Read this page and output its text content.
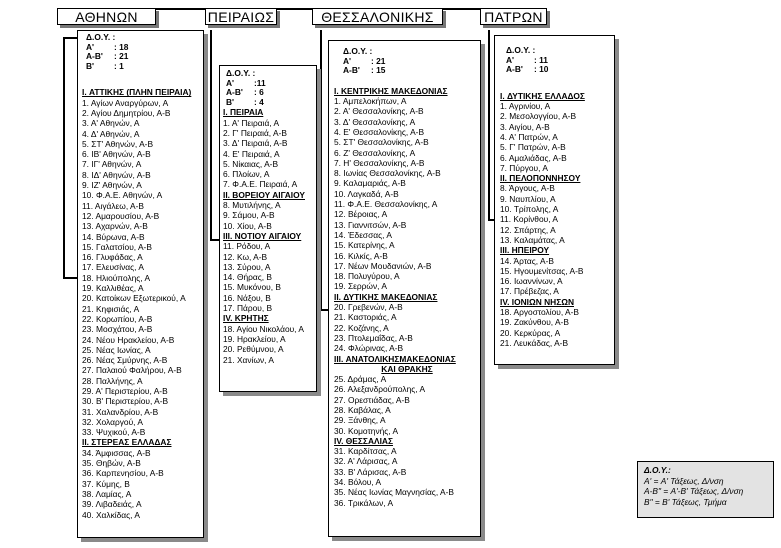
ΑΘΗΝΩΝ	ΠΕΙΡΑΙΩΣ	ΘΕΣΣΑΛΟΝΙΚΗΣ	ΠΑΤΡΩΝ
Δ.Ο.Υ. :
Α' : 18
Α-Β' : 21
Β' : 1
I. ΑΤΤΙΚΗΣ (ΠΛΗΝ ΠΕΙΡΑΙΑ)
1. Αγίων Αναργύρων, Α
2. Αγίου Δημητρίου, Α-Β
3. Α' Αθηνών, Α
4. Δ' Αθηνών, Α
5. ΣΤ' Αθηνών, Α-Β
6. ΙΒ' Αθηνών, Α-Β
7. ΙΓ' Αθηνών, Α
8. ΙΔ' Αθηνών, Α-Β
9. ΙΖ' Αθηνών, Α
10. Φ.Α.Ε. Αθηνών, Α
11. Αιγάλεω, Α-Β
12. Αμαρουσίου, Α-Β
13. Αχαρνών, Α-Β
14. Βύρωνα, Α-Β
15. Γαλατσίου, Α-Β
16. Γλυφάδας, Α
17. Ελευσίνας, Α
18. Ηλιούπολης, Α
19. Καλλιθέας, Α
20. Κατοίκων Εξωτερικού, Α
21. Κηφισιάς, Α
22. Κορωπίου, Α-Β
23. Μοσχάτου, Α-Β
24. Νέου Ηρακλείου, Α-Β
25. Νέας Ιωνίας, Α
26. Νέας Σμύρνης, Α-Β
27. Παλαιού Φαλήρου, Α-Β
28. Παλλήνης, Α
29. Α' Περιστερίου, Α-Β
30. Β' Περιστερίου, Α-Β
31. Χαλανδρίου, Α-Β
32. Χολαργού, Α
33. Ψυχικού, Α-Β
II. ΣΤΕΡΕΑΣ ΕΛΛΑΔΑΣ
34. Άμφισσας, Α-Β
35. Θηβών, Α-Β
36. Καρπενησίου, Α-Β
37. Κύμης, Β
38. Λαμίας, Α
39. Λιβαδειάς, Α
40. Χαλκίδας, Α
Δ.Ο.Υ. :
Α' :11
Α-Β' : 6
Β' : 4
I. ΠΕΙΡΑΙΑ
1. Α' Πειραιά, Α
2. Γ' Πειραιά, Α-Β
3. Δ' Πειραιά, Α-Β
4. Ε' Πειραιά, Α
5. Νίκαιας, Α-Β
6. Πλοίων, Α
7. Φ.Α.Ε. Πειραιά, Α
II. ΒΟΡΕΙΟΥ ΑΙΓΑΙΟΥ
8. Μυτιλήνης, Α
9. Σάμου, Α-Β
10. Χίου, Α-Β
III. ΝΟΤΙΟΥ ΑΙΓΑΙΟΥ
11. Ρόδου, Α
12. Κω, Α-Β
13. Σύρου, Α
14. Θήρας, Β
15. Μυκόνου, Β
16. Νάξου, Β
17. Πάρου, Β
IV. ΚΡΗΤΗΣ
18. Αγίου Νικολάου, Α
19. Ηρακλείου, Α
20. Ρεθύμνου, Α
21. Χανίων, Α
Δ.Ο.Υ. :
Α' : 21
Α-Β' : 15
I. ΚΕΝΤΡΙΚΗΣ ΜΑΚΕΔΟΝΙΑΣ
1. Αμπελοκήπων, Α
2. Α' Θεσσαλονίκης, Α-Β
3. Δ' Θεσσαλονίκης, Α
4. Ε' Θεσσαλονίκης, Α-Β
5. ΣΤ' Θεσσαλονίκης, Α-Β
6. Ζ' Θεσσαλονίκης, Α
7. Η' Θεσσαλονίκης, Α-Β
8. Ιωνίας Θεσσαλονίκης, Α-Β
9. Καλαμαριάς, Α-Β
10. Λαγκαδά, Α-Β
11. Φ.Α.Ε. Θεσσαλονίκης, Α
12. Βέροιας, Α
13. Γιαννιτσών, Α-Β
14. Έδεσσας, Α
15. Κατερίνης, Α
16. Κιλκίς, Α-Β
17. Νέων Μουδανιών, Α-Β
18. Πολυγύρου, Α
19. Σερρών, Α
II. ΔΥΤΙΚΗΣ ΜΑΚΕΔΟΝΙΑΣ
20. Γρεβενών, Α-Β
21. Καστοριάς, Α
22. Κοζάνης, Α
23. Πτολεμαΐδας, Α-Β
24. Φλώρινας, Α-Β
III. ΑΝΑΤΟΛΙΚΗΣΜΑΚΕΔΟΝΙΑΣ
ΚΑΙ ΘΡΑΚΗΣ
25. Δράμας, Α
26. Αλεξανδρούπολης, Α
27. Ορεστιάδας, Α-Β
28. Καβάλας, Α
29. Ξάνθης, Α
30. Κομοτηνής, Α
IV. ΘΕΣΣΑΛΙΑΣ
31. Καρδίτσας, Α
32. Α' Λάρισας, Α
33. Β' Λάρισας, Α-Β
34. Βόλου, Α
35. Νέας Ιωνίας Μαγνησίας, Α-Β
36. Τρικάλων, Α
Δ.Ο.Υ. :
Α' : 11
Α-Β' : 10
I. ΔΥΤΙΚΗΣ ΕΛΛΑΔΟΣ
1. Αγρινίου, Α
2. Μεσολογγίου, Α-Β
3. Αιγίου, Α-Β
4. Α' Πατρών, Α
5. Γ' Πατρών, Α-Β
6. Αμαλιάδας, Α-Β
7. Πύργου, Α
II. ΠΕΛΟΠΟΝΝΗΣΟΥ
8. Άργους, Α-Β
9. Ναυπλίου, Α
10. Τρίπολης, Α
11. Κορίνθου, Α
12. Σπάρτης, Α
13. Καλαμάτας, Α
III. ΗΠΕΙΡΟΥ
14. Άρτας, Α-Β
15. Ηγουμενίτσας, Α-Β
16. Ιωαννίνων, Α
17. Πρέβεζας, Α
IV. ΙΟΝΙΩΝ ΝΗΣΩΝ
18. Αργοστολίου, Α-Β
19. Ζακύνθου, Α-Β
20. Κερκύρας, Α
21. Λευκάδας, Α-Β
Δ.Ο.Υ.:
A' = Α' Τάξεως, Δ/νση
A-B" = Α'-Β' Τάξεως, Δ/νση
B" = Β' Τάξεως, Τμήμα
